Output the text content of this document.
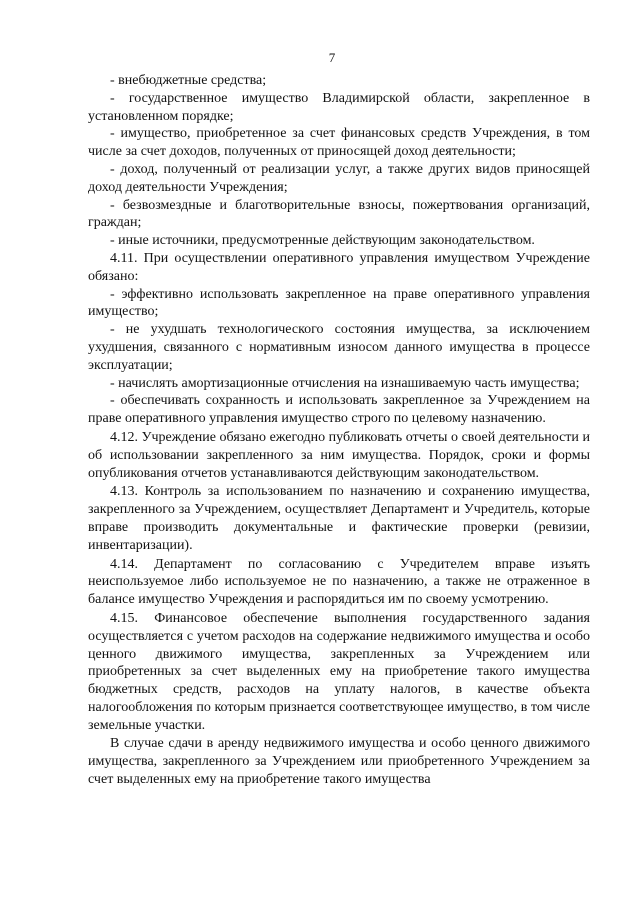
7

- внебюджетные средства;

- государственное имущество Владимирской области, закрепленное в установленном порядке;

- имущество, приобретенное за счет финансовых средств Учреждения, в том числе за счет доходов, полученных от приносящей доход деятельности;

- доход, полученный от реализации услуг, а также других видов приносящей доход деятельности Учреждения;

- безвозмездные и благотворительные взносы, пожертвования организаций, граждан;

- иные источники, предусмотренные действующим законодательством.

4.11. При осуществлении оперативного управления имуществом Учреждение обязано:

- эффективно использовать закрепленное на праве оперативного управления имущество;

- не ухудшать технологического состояния имущества, за исключением ухудшения, связанного с нормативным износом данного имущества в процессе эксплуатации;

- начислять амортизационные отчисления на изнашиваемую часть имущества;

- обеспечивать сохранность и использовать закрепленное за Учреждением на праве оперативного управления имущество строго по целевому назначению.

4.12. Учреждение обязано ежегодно публиковать отчеты о своей деятельности и об использовании закрепленного за ним имущества. Порядок, сроки и формы опубликования отчетов устанавливаются действующим законодательством.

4.13. Контроль за использованием по назначению и сохранению имущества, закрепленного за Учреждением, осуществляет Департамент и Учредитель, которые вправе производить документальные и фактические проверки (ревизии, инвентаризации).

4.14. Департамент по согласованию с Учредителем вправе изъять неиспользуемое либо используемое не по назначению, а также не отраженное в балансе имущество Учреждения и распорядиться им по своему усмотрению.

4.15. Финансовое обеспечение выполнения государственного задания осуществляется с учетом расходов на содержание недвижимого имущества и особо ценного движимого имущества, закрепленных за Учреждением или приобретенных за счет выделенных ему на приобретение такого имущества бюджетных средств, расходов на уплату налогов, в качестве объекта налогообложения по которым признается соответствующее имущество, в том числе земельные участки.

В случае сдачи в аренду недвижимого имущества и особо ценного движимого имущества, закрепленного за Учреждением или приобретенного Учреждением за счет выделенных ему на приобретение такого имущества
